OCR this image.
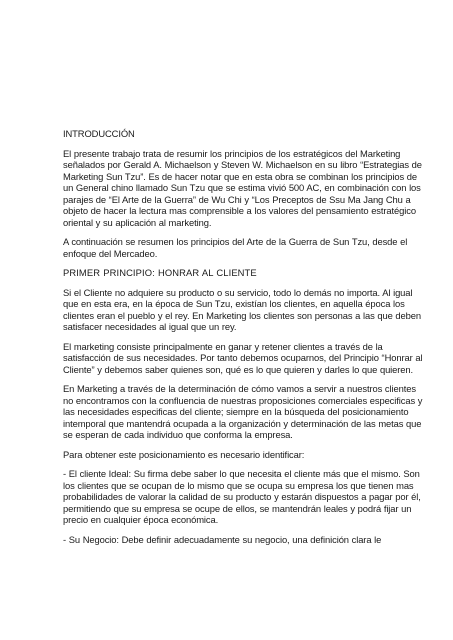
INTRODUCCIÓN

El presente trabajo trata de resumir los principios de los estratégicos del Marketing señalados por Gerald A. Michaelson y Steven W. Michaelson en su libro “Estrategias de Marketing Sun Tzu”. Es de hacer notar que en esta obra se combinan los principios de un General chino llamado Sun Tzu que se estima vivió 500 AC, en combinación con los parajes de “El Arte de la Guerra” de Wu Chi y “Los Preceptos de Ssu Ma Jang Chu a objeto de hacer la lectura mas comprensible a los valores del pensamiento estratégico oriental y su aplicación al marketing.

A continuación se resumen los principios del Arte de la Guerra de Sun Tzu, desde el enfoque del Mercadeo.

PRIMER PRINCIPIO: HONRAR AL CLIENTE

Si el Cliente no adquiere su producto o su servicio, todo lo demás no importa. Al igual que en esta era, en la época de Sun Tzu, existían los clientes, en aquella época los clientes eran el pueblo y el rey. En Marketing los clientes son personas a las que deben satisfacer necesidades al igual que un rey.

El marketing consiste principalmente en ganar y retener clientes a través de la satisfacción de sus necesidades. Por tanto debemos ocuparnos, del Principio “Honrar al Cliente” y debemos saber quienes son, qué es lo que quieren y darles lo que quieren.

En Marketing a través de la determinación de cómo vamos a servir a nuestros clientes no encontramos con la confluencia de nuestras proposiciones comerciales especificas y las necesidades especificas del cliente; siempre en la búsqueda del posicionamiento intemporal que mantendrá ocupada a la organización y determinación de las metas que se esperan de cada individuo que conforma la empresa.

Para obtener este posicionamiento es necesario identificar:

- El cliente Ideal: Su firma debe saber lo que necesita el cliente más que el mismo. Son los clientes que se ocupan de lo mismo que se ocupa su empresa los que tienen mas probabilidades de valorar la calidad de su producto y estarán dispuestos a pagar por él, permitiendo que su empresa se ocupe de ellos, se mantendrán leales y podrá fijar un precio en cualquier época económica.

- Su Negocio: Debe definir adecuadamente su negocio, una definición clara le
